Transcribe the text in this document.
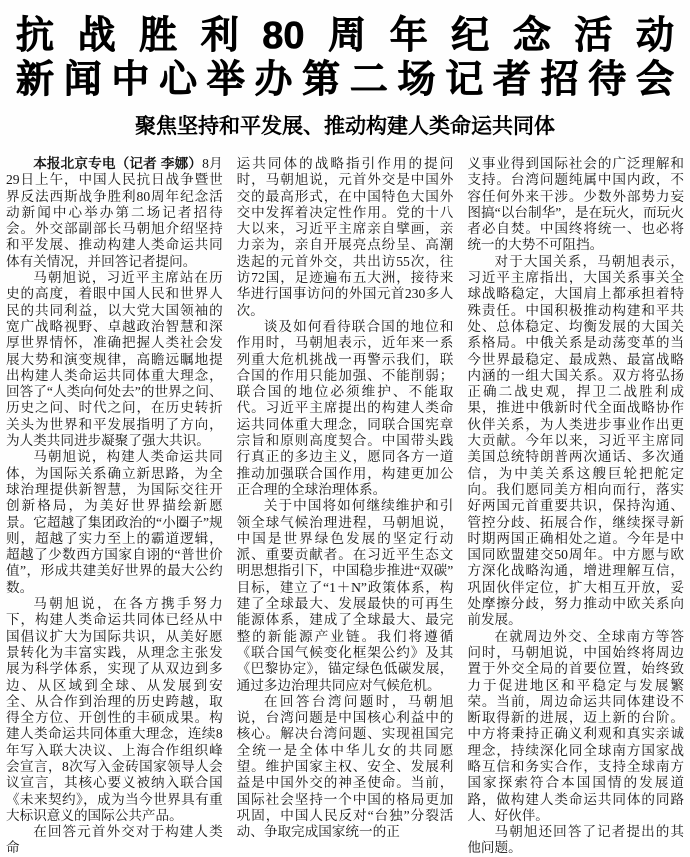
抗战胜利80周年纪念活动
新闻中心举办第二场记者招待会
聚焦坚持和平发展、推动构建人类命运共同体

本报北京专电（记者 李娜）8月29日上午，中国人民抗日战争暨世界反法西斯战争胜利80周年纪念活动新闻中心举办第二场记者招待会。外交部副部长马朝旭介绍坚持和平发展、推动构建人类命运共同体有关情况，并回答记者提问。

马朝旭说，习近平主席站在历史的高度，着眼中国人民和世界人民的共同利益，以大党大国领袖的宽广战略视野、卓越政治智慧和深厚世界情怀，准确把握人类社会发展大势和演变规律，高瞻远瞩地提出构建人类命运共同体重大理念，回答了“人类向何处去”的世界之问、历史之问、时代之问，在历史转折关头为世界和平发展指明了方向，为人类共同进步凝聚了强大共识。

马朝旭说，构建人类命运共同体，为国际关系确立新思路，为全球治理提供新智慧，为国际交往开创新格局，为美好世界描绘新愿景。它超越了集团政治的“小圈子”规则，超越了实力至上的霸道逻辑，超越了少数西方国家自诩的“普世价值”，形成共建美好世界的最大公约数。

马朝旭说，在各方携手努力下，构建人类命运共同体已经从中国倡议扩大为国际共识，从美好愿景转化为丰富实践，从理念主张发展为科学体系，实现了从双边到多边、从区域到全球、从发展到安全、从合作到治理的历史跨越，取得全方位、开创性的丰硕成果。构建人类命运共同体重大理念，连续8年写入联大决议、上海合作组织峰会宣言，8次写入金砖国家领导人会议宣言，其核心要义被纳入联合国《未来契约》，成为当今世界具有重大标识意义的国际公共产品。

在回答元首外交对于构建人类命

运共同体的战略指引作用的提问时，马朝旭说，元首外交是中国外交的最高形式，在中国特色大国外交中发挥着决定性作用。党的十八大以来，习近平主席亲自擘画，亲力亲为，亲自开展亮点纷呈、高潮迭起的元首外交，共出访55次，往访72国，足迹遍布五大洲，接待来华进行国事访问的外国元首230多人次。

谈及如何看待联合国的地位和作用时，马朝旭表示，近年来一系列重大危机挑战一再警示我们，联合国的作用只能加强、不能削弱；联合国的地位必须维护、不能取代。习近平主席提出的构建人类命运共同体重大理念，同联合国宪章宗旨和原则高度契合。中国带头践行真正的多边主义，愿同各方一道推动加强联合国作用，构建更加公正合理的全球治理体系。

关于中国将如何继续维护和引领全球气候治理进程，马朝旭说，中国是世界绿色发展的坚定行动派、重要贡献者。在习近平生态文明思想指引下，中国稳步推进“双碳”目标，建立了“1＋N”政策体系，构建了全球最大、发展最快的可再生能源体系，建成了全球最大、最完整的新能源产业链。我们将遵循《联合国气候变化框架公约》及其《巴黎协定》，锚定绿色低碳发展，通过多边治理共同应对气候危机。

在回答台湾问题时，马朝旭说，台湾问题是中国核心利益中的核心。解决台湾问题、实现祖国完全统一是全体中华儿女的共同愿望。维护国家主权、安全、发展利益是中国外交的神圣使命。当前，国际社会坚持一个中国的格局更加巩固，中国人民反对“台独”分裂活动、争取完成国家统一的正

义事业得到国际社会的广泛理解和支持。台湾问题纯属中国内政，不容任何外来干涉。少数外部势力妄图搞“以台制华”，是在玩火，而玩火者必自焚。中国终将统一、也必将统一的大势不可阻挡。

对于大国关系，马朝旭表示，习近平主席指出，大国关系事关全球战略稳定，大国肩上都承担着特殊责任。中国积极推动构建和平共处、总体稳定、均衡发展的大国关系格局。中俄关系是动荡变革的当今世界最稳定、最成熟、最富战略内涵的一组大国关系。双方将弘扬正确二战史观，捍卫二战胜利成果，推进中俄新时代全面战略协作伙伴关系，为人类进步事业作出更大贡献。今年以来，习近平主席同美国总统特朗普两次通话、多次通信，为中美关系这艘巨轮把舵定向。我们愿同美方相向而行，落实好两国元首重要共识，保持沟通、管控分歧、拓展合作，继续探寻新时期两国正确相处之道。今年是中国同欧盟建交50周年。中方愿与欧方深化战略沟通，增进理解互信，巩固伙伴定位，扩大相互开放，妥处摩擦分歧，努力推动中欧关系向前发展。

在就周边外交、全球南方等答问时，马朝旭说，中国始终将周边置于外交全局的首要位置，始终致力于促进地区和平稳定与发展繁荣。当前，周边命运共同体建设不断取得新的进展，迈上新的台阶。中方将秉持正确义利观和真实亲诚理念，持续深化同全球南方国家战略互信和务实合作，支持全球南方国家探索符合本国国情的发展道路，做构建人类命运共同体的同路人、好伙伴。

马朝旭还回答了记者提出的其他问题。
